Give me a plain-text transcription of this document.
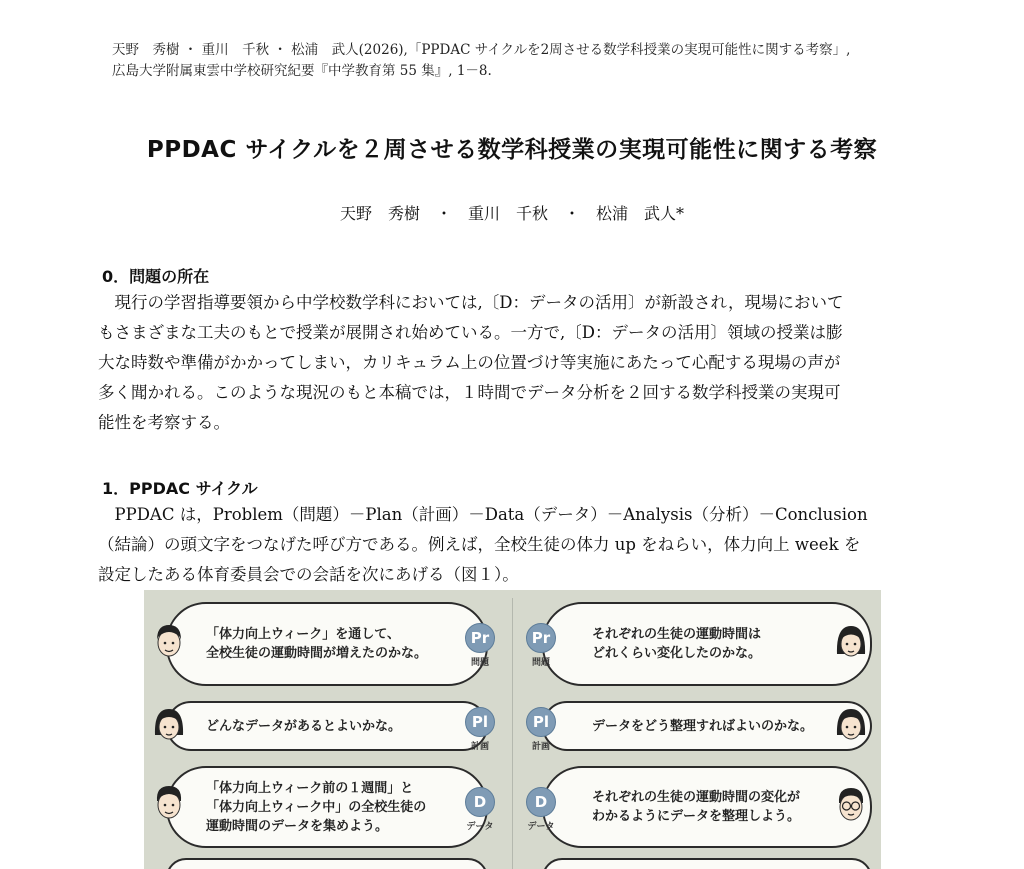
天野　秀樹 ・ 重川　千秋 ・ 松浦　武人(2026),「PPDAC サイクルを2周させる数学科授業の実現可能性に関する考察」,
広島大学附属東雲中学校研究紀要『中学教育第 55 集』, 1－8.
PPDAC サイクルを２周させる数学科授業の実現可能性に関する考察
天野　秀樹　・　重川　千秋　・　松浦　武人*
0．問題の所在
　現行の学習指導要領から中学校数学科においては,〔D：データの活用〕が新設され，現場において
もさまざまな工夫のもとで授業が展開され始めている。一方で,〔D：データの活用〕領域の授業は膨
大な時数や準備がかかってしまい，カリキュラム上の位置づけ等実施にあたって心配する現場の声が
多く聞かれる。このような現況のもと本稿では，１時間でデータ分析を２回する数学科授業の実現可
能性を考察する。
1．PPDAC サイクル
　PPDAC は，Problem（問題）－Plan（計画）－Data（データ）－Analysis（分析）－Conclusion
（結論）の頭文字をつなげた呼び方である。例えば，全校生徒の体力 up をねらい，体力向上 week を
設定したある体育委員会での会話を次にあげる（図１）。
「体力向上ウィーク」を通して、
全校生徒の運動時間が増えたのかな。
どんなデータがあるとよいかな。
「体力向上ウィーク前の１週間」と
「体力向上ウィーク中」の全校生徒の
運動時間のデータを集めよう。
それぞれの生徒の運動時間は
どれくらい変化したのかな。
データをどう整理すればよいのかな。
それぞれの生徒の運動時間の変化が
わかるようにデータを整理しよう。
Pr
問題
Pl
計画
D
データ
Pr
問題
Pl
計画
D
データ
